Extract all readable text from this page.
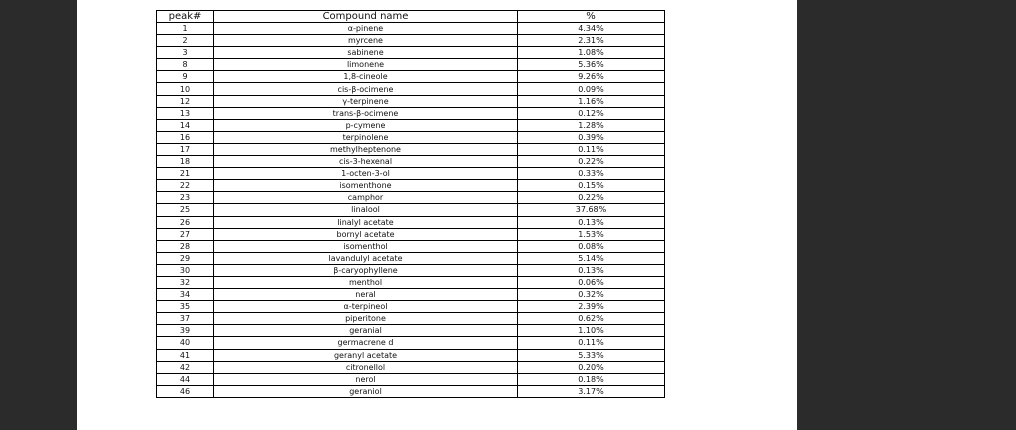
peak#	Compound name	%
1	α-pinene	4.34%
2	myrcene	2.31%
3	sabinene	1.08%
8	limonene	5.36%
9	1,8-cineole	9.26%
10	cis-β-ocimene	0.09%
12	γ-terpinene	1.16%
13	trans-β-ocimene	0.12%
14	p-cymene	1.28%
16	terpinolene	0.39%
17	methylheptenone	0.11%
18	cis-3-hexenal	0.22%
21	1-octen-3-ol	0.33%
22	isomenthone	0.15%
23	camphor	0.22%
25	linalool	37.68%
26	linalyl acetate	0.13%
27	bornyl acetate	1.53%
28	isomenthol	0.08%
29	lavandulyl acetate	5.14%
30	β-caryophyllene	0.13%
32	menthol	0.06%
34	neral	0.32%
35	α-terpineol	2.39%
37	piperitone	0.62%
39	geranial	1.10%
40	germacrene d	0.11%
41	geranyl acetate	5.33%
42	citronellol	0.20%
44	nerol	0.18%
46	geraniol	3.17%
